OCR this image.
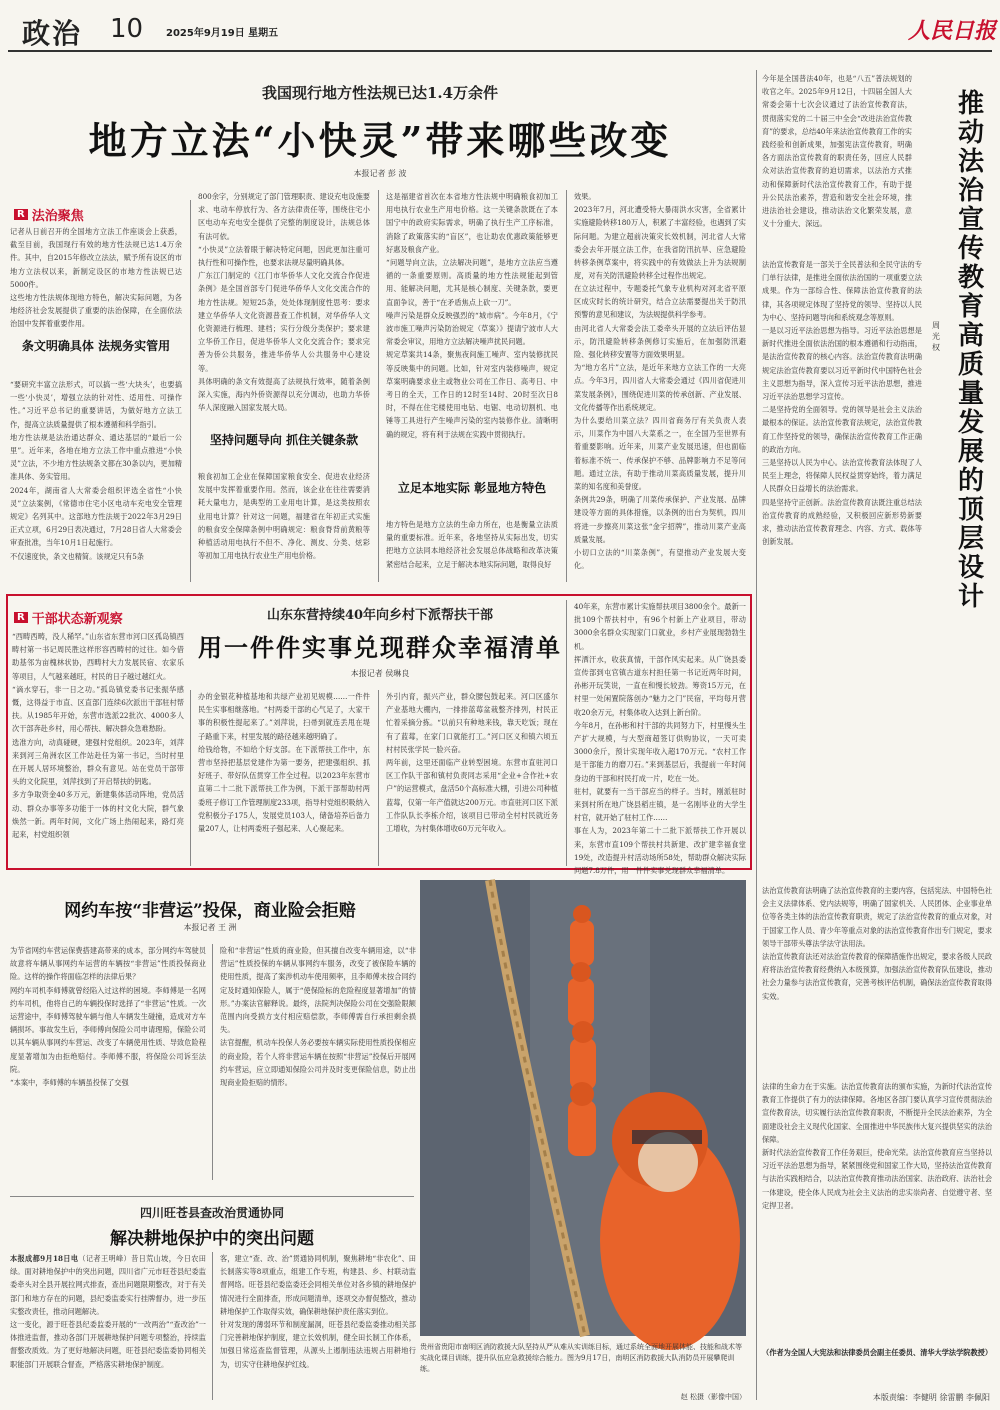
政治 10 2025年9月19日 星期五	人民日报
我国现行地方性法规已达1.4万余件
地方立法“小快灵”带来哪些改变
本报记者 彭 波
R 法治聚焦
记者从日前召开的全国地方立法工作座谈会上获悉，截至目前，我国现行有效的地方性法规已达1.4万余件。其中，自2015年修改立法法，赋予所有设区的市地方立法权以来，新制定设区的市地方性法规已达5000件。
这些地方性法规体现地方特色，解决实际问题，为各地经济社会发展提供了重要的法治保障，在全面依法治国中发挥着重要作用。
条文明确具体 法规务实管用
“要研究丰富立法形式，可以搞一些‘大块头’，也要搞一些‘小快灵’，增强立法的针对性、适用性、可操作性。”习近平总书记的重要讲话，为做好地方立法工作，提高立法质量提供了根本遵循和科学指引。
地方性法规是法治通达群众、通达基层的“最后一公里”。近年来，各地在地方立法工作中重点推进“小快灵”立法，不少地方性法规条文都在30条以内，更加精准具体、务实管用。
2024年，湖南省人大常委会组织评选全省性“小快灵”立法案例，《常德市住宅小区电动车充电安全管理规定》名列其中。这部地方性法规于2022年3月29日正式立项，6月29日表决通过，7月28日省人大常委会审查批准，当年10月1日起施行。
不仅速度快，条文也精简。该规定只有5条
800余字，分别规定了部门管理职责、建设充电设施要求、电动车停放行为、各方法律责任等，围绕住宅小区电动车充电安全提供了完整的制度设计，法规总体有法可依。
“小快灵”立法着眼于解决特定问题，因此更加注重可执行性和可操作性，也要求法规尽量明确具体。
广东江门制定的《江门市华侨华人文化交流合作促进条例》是全国首部专门促进华侨华人文化交流合作的地方性法规。短短25条，处处体现制度性思考：要求建立华侨华人文化资源普查工作机制，对华侨华人文化资源进行梳理、建档；实行分级分类保护；要求建立华侨工作日，促进华侨华人文化交流合作；要求完善为侨公共服务，推进华侨华人公共服务中心建设等。
具体明确的条文有效提高了法规执行效率，随着条例深入实施，海内外侨资源得以充分调动，也助力华侨华人深度融入国家发展大局。
坚持问题导向 抓住关键条款
粮食初加工企业在保障国家粮食安全、促进农业经济发展中发挥着重要作用。然而，该企业在往往需要消耗大量电力，是典型的工业用电计算，是这类按照农业用电计算？针对这一问题，福建省在年初正式实施的粮食安全保障条例中明确规定：粮食脊背前黄粮等种植活动用电执行不但不、净化、测皮、分类、炫彩等初加工用电执行农业生产用电价格。
这是福建省首次在本省地方性法规中明确粮食初加工用电执行农业生产用电价格。这一关键条款既在了本国宁中的政府实际需求，明确了执行生产工序标准，消除了政策落实的“盲区”，也让助农优惠政策能够更好惠及粮食产业。
“问题导向立法，立法解决问题”，是地方立法应当遵循的一条重要原则。高质量的地方性法规能起到管用、能解决问题，尤其是核心制度、关键条款，要更直面争议，善于“在矛盾焦点上砍一刀”。
噪声污染是群众反映强烈的“城市病”。今年8月，《宁波市施工噪声污染防治规定（草案）》提请宁波市人大常委会审议，用地方立法解决噪声扰民问题。
规定草案共14条，聚焦夜间施工噪声、室内装修扰民等反映集中的问题。比如，针对室内装修噪声，规定草案明确要求业主或物业公司在工作日、高考日、中考日的全天，工作日的12时至14时、20时至次日8时，不得在住宅楼使用电钻、电锯、电动切割机、电锤等工具进行产生噪声污染的室内装修作业。清晰明确的规定，将有利于法规在实践中贯彻执行。
立足本地实际 彰显地方特色
地方特色是地方立法的生命力所在，也是衡量立法质量的重要标准。近年来，各地坚持从实际出发，切实把地方立法同本地经济社会发展总体战略和改革决策紧密结合起来，立足于解决本地实际问题，取得良好
效果。
2023年7月，河北遭受特大暴雨洪水灾害，全省累计实施避险转移180万人，积累了丰富经验，也遇到了实际问题。为建立超前决策灾长效机制，河北省人大常委会去年开展立法工作，在我省防汛抗旱、应急避险转移条例草案中，将实践中的有效做法上升为法规制度，对有关防汛避险转移全过程作出规定。
在立法过程中，专题委托气象专业机构对河北省平原区成灾时长的统计研究，结合立法需要提出关于防汛预警的意见和建议，为法规提供科学参考。
由河北省人大常委会法工委牵头开展的立法后评估显示，防汛避险转移条例修订实施后，在加强防汛避险、强化转移安置等方面效果明显。
为“地方名片”立法，是近年来地方立法工作的一大亮点。今年3月，四川省人大常委会通过《四川省促进川菜发展条例》，围绕促进川菜的传承创新、产业发展、文化传播等作出系统规定。
为什么要给川菜立法？四川省商务厅有关负责人表示，川菜作为中国八大菜系之一，在全国乃至世界有着重要影响。近年来，川菜产业发展迅速，但也面临着标准不统一、传承保护不够、品牌影响力不足等问题。通过立法，有助于推动川菜高质量发展，提升川菜的知名度和美誉度。
条例共29条，明确了川菜传承保护、产业发展、品牌建设等方面的具体措施，以条例的出台为契机，四川将进一步擦亮川菜这张“金字招牌”，推动川菜产业高质量发展。
小切口立法的“川菜条例”，有望推动产业发展大变化。
R 干部状态新观察	山东东营持续40年向乡村下派帮扶干部
用一件件实事兑现群众幸福清单
本报记者 侯琳良
“西畴西畴，没人稀罕。”山东省东营市河口区孤岛镇西畴村第一书记周民胜这样形容西畴村的过往。如今借助基邻为亩槐林状协，西畴村大力发展民宿、农家乐等项目，人气越来越旺，村民的日子越过越红火。
“滴水穿石，非一日之功。”孤岛镇党委书记张振华感慨，这得益于市直、区直部门连续6次派出干部驻村帮扶。从1985年开始，东营市选派22批次、4000多人次干部奔赴乡村，用心帮扶、解决群众急难愁盼。
选准方向，动真碰硬，建强村党组织。2023年，刘萍来到河三角洲农区工作站赴任为第一书记，当时村里在开展人居环境整治，群众有意见。站在党员干部带头的文化院里，刘萍找到了开启帮扶的钥匙。
多方争取资金40多万元，新建集体活动阵地，党员活动、群众办事等多功能于一体的村文化大院，群气象焕然一新。两年时间，文化广场上热闹起来，路灯亮起来，村党组织领
办的金银花种植基地和共绿产业初见规模……一件件民生实事相继落地。“村两委干部的心气足了，大家干事的积极性提起来了。”刘萍说，扫帚到就连丢甩在堤子路重下来，村里发展的路径越来越明确了。
给钱给物，不如给个好支部。在下派帮扶工作中，东营市坚持把基层党建作为第一要务，把建强组织、抓好班子、带好队伍贯穿工作全过程。以2023年东营市直第二十二批下派帮扶工作为例，下派干部帮助村两委班子修订工作管理制度233项，指导村党组织吸纳入党积极分子175人，发展党员103人，储备培养后备力量207人，让村两委班子强起来、人心聚起来。
外引内育，振兴产业，群众腰包鼓起来。河口区盛尔产业基地大棚内，一排排蓝莓盆栽整齐排列，村民正忙着采摘分拣。“以前只有种地来钱，靠天吃饭；现在有了蓝莓，在家门口就能打工。”河口区义和镇六顷五村村民张学民一脸兴奋。
两年前，这里还面临产业转型困境。东营市直驻河口区工作队干部和镇村负责同志采用“企业+合作社+农户”的运营模式，盘活50个高标准大棚，引进公司种植蓝莓，仅第一年产值就达200万元。市直驻河口区下派工作队队长李栋介绍，该项目已带动全村村民就近务工增收，为村集体增收60万元年收入。
40年来，东营市累计实施帮扶项目3800余个。最新一批109个帮扶村中，有96个村新上产业项目，带动3000余名群众实现家门口就业，乡村产业展现勃勃生机。
挥洒汗水，收获真情，干部作风实起来。从广饶县委宣传部到屯官镇古道东村担任第一书记近两年时间，孙彬开玩笑说，一直在和慢长较劲。筹资15万元，在村里一处闲置院落创办“魅力之门”民宿，平均每月营收20余万元，村集体收入达到上新台阶。
今年8月，在孙彬和村干部的共同努力下，村里慢头生产扩大规模，与大型商超签订供购协议，一天可卖3000余斤，预计实现年收入超170万元。“农村工作是干部能力的磨刀石。”来到基层后，我提前一年时间身边的干部和村民打成一片，吃在一处。
驻村，就要有一当干部应当的样子。当时，刚派驻时来到村所在地广饶县稻庄镇，是一名刚毕业的大学生村官，就开始了驻村工作……
事在人为，2023年第二十二批下派帮扶工作开展以来，东营市直109个帮扶村共新建、改扩建幸福食堂19处，改造提升村活动场所58处，帮助群众解决实际问题7.8万件，用一件件实事兑现群众幸福清单。
网约车按“非营运”投保，商业险会拒赔
本报记者 王 洲
为节省网约车营运保费搭建高带来的成本，部分网约车驾驶员故意将车辆从事网约车运营的车辆按“非营运”性质投保商业险。这样的操作将面临怎样的法律后果？
网约车司机李师傅就曾经陷入过这样的困境。李师傅是一名网约车司机，他将自己的车辆投保时选择了“非营运”性质。一次运营途中，李师傅驾驶车辆与他人车辆发生碰撞，造成对方车辆损坏。事故发生后，李师傅向保险公司申请理赔，保险公司以其车辆从事网约车营运、改变了车辆使用性质、导致危险程度显著增加为由拒绝赔付。李师傅不服，将保险公司诉至法院。
“本案中，李师傅的车辆虽投保了交强
险和“非营运”性质的商业险，但其擅自改变车辆用途，以“非营运”性质投保的车辆从事网约车服务，改变了被保险车辆的使用性质，提高了案涉机动车使用频率，且李师傅未按合同约定及时通知保险人，属于“使保险标的危险程度显著增加”的情形。”办案法官解释说。最终，法院判决保险公司在交强险限额范围内向受损方支付相应赔偿款，李师傅需自行承担剩余损失。
法官提醒，机动车投保人务必要按车辆实际使用性质投保相应的商业险，若个人将非营运车辆在按照“非营运”投保后开展网约车营运，应立即通知保险公司并及时变更保险信息，防止出现商业险拒赔的情形。
四川旺苍县查改治贯通协同
解决耕地保护中的突出问题
本报成都9月18日电（记者王明峰）昔日荒山坡，今日农田绿。面对耕地保护中的突出问题，四川省广元市旺苍县纪委监委牵头对全县开展拉网式排查，查出问题限期整改，对于有关部门和地方存在的问题，县纪委监委实行挂牌督办，进一步压实整改责任，推动问题解决。
这一变化，源于旺苍县纪委监委开展的“一改两治”“查改治”一体推进监督，推动各部门开展耕地保护问题专项整治，持续监督整改质效。为了更好地解决问题，旺苍县纪委监委协同相关职能部门开展联合督查，严格落实耕地保护制度。
客，建立“查、改、治”贯通协同机制，聚焦耕地“非农化”、田长制落实等8项重点，组建工作专班，构建县、乡、村联动监督网络。旺苍县纪委监委还会同相关单位对各乡镇的耕地保护情况进行全面排查，形成问题清单，逐项交办督促整改，推动耕地保护工作取得实效，确保耕地保护责任落实到位。
针对发现的薄弱环节和制度漏洞，旺苍县纪委监委推动相关部门完善耕地保护制度，建立长效机制，健全田长制工作体系，加强日常巡查监督管理，从源头上遏制违法违规占用耕地行为，切实守住耕地保护红线。
贵州省贵阳市南明区消防救援大队坚持从严从难从实训练目标，通过系统全面地开展体能、技能和战术等实战化课目训练，提升队伍应急救援综合能力。图为9月17日，南明区消防救援大队消防员开展攀爬训练。
赵 松摄（影像中国）
推动法治宣传教育高质量发展的顶层设计
周光权
今年是全国普法40年，也是“八五”普法规划的收官之年。2025年9月12日，十四届全国人大常委会第十七次会议通过了法治宣传教育法，贯彻落实党的二十届三中全会“改进法治宣传教育”的要求，总结40年来法治宣传教育工作的实践经验和创新成果，加强宪法宣传教育，明确各方面法治宣传教育的职责任务，回应人民群众对法治宣传教育的迫切需求，以法治方式推动和保障新时代法治宣传教育工作，有助于提升公民法治素养，营造和谐安全社会环境，推进法治社会建设，推动法治文化繁荣发展，意义十分重大、深远。
法治宣传教育是一部关于全民普法和全民守法的专门单行法律，是推进全面依法治国的一项重要立法成果。作为一部综合性、保障法治宣传教育的法律，其各项规定体现了坚持党的领导、坚持以人民为中心、坚持问题导向和系统观念等原则。
一是以习近平法治思想为指导。习近平法治思想是新时代推进全面依法治国的根本遵循和行动指南，是法治宣传教育的核心内容。法治宣传教育法明确规定法治宣传教育要以习近平新时代中国特色社会主义思想为指导，深入宣传习近平法治思想，推进习近平法治思想学习宣传。
二是坚持党的全面领导。党的领导是社会主义法治最根本的保证。法治宣传教育法规定，法治宣传教育工作坚持党的领导，确保法治宣传教育工作正确的政治方向。
三是坚持以人民为中心。法治宣传教育法体现了人民至上理念，将保障人民权益贯穿始终，着力满足人民群众日益增长的法治需求。
四是坚持守正创新。法治宣传教育法既注重总结法治宣传教育的成熟经验，又积极回应新形势新要求，推动法治宣传教育理念、内容、方式、载体等创新发展。
法治宣传教育法明确了法治宣传教育的主要内容，包括宪法、中国特色社会主义法律体系、党内法规等，明确了国家机关、人民团体、企业事业单位等各类主体的法治宣传教育职责，规定了法治宣传教育的重点对象，对于国家工作人员、青少年等重点对象的法治宣传教育作出专门规定，要求领导干部带头尊法学法守法用法。
法治宣传教育法还对法治宣传教育的保障措施作出规定，要求各级人民政府将法治宣传教育经费纳入本级预算，加强法治宣传教育队伍建设，推动社会力量参与法治宣传教育，完善考核评估机制，确保法治宣传教育取得实效。
法律的生命力在于实施。法治宣传教育法的颁布实施，为新时代法治宣传教育工作提供了有力的法律保障。各地区各部门要认真学习宣传贯彻法治宣传教育法，切实履行法治宣传教育职责，不断提升全民法治素养，为全面建设社会主义现代化国家、全面推进中华民族伟大复兴提供坚实的法治保障。
新时代法治宣传教育工作任务艰巨，使命光荣。法治宣传教育应当坚持以习近平法治思想为指导，紧紧围绕党和国家工作大局，坚持法治宣传教育与法治实践相结合，以法治宣传教育推动法治国家、法治政府、法治社会一体建设，使全体人民成为社会主义法治的忠实崇尚者、自觉遵守者、坚定捍卫者。
（作者为全国人大宪法和法律委员会副主任委员、清华大学法学院教授）
本版责编：李健明 徐雷鹏 李佩阳
